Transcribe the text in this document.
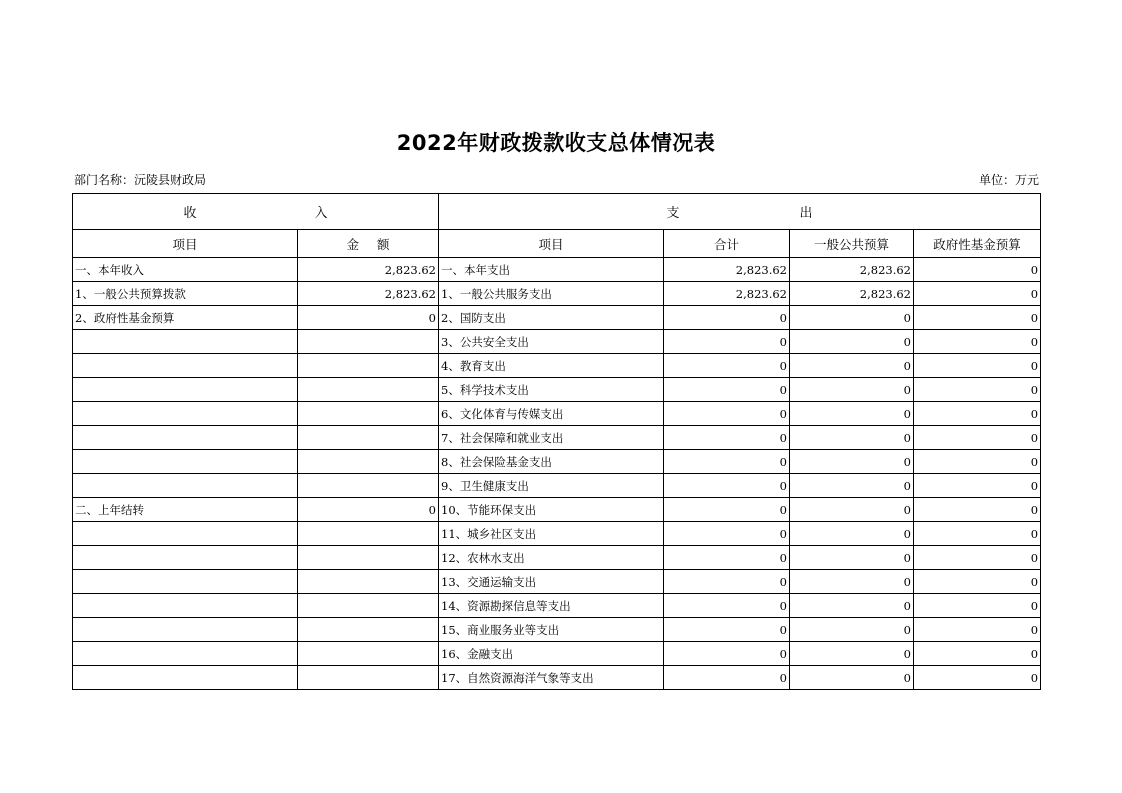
2022年财政拨款收支总体情况表
部门名称：沅陵县财政局	单位：万元
收 入		支 出			
项目	金 额	项目	合计	一般公共预算	政府性基金预算
一、本年收入	2,823.62	一、本年支出	2,823.62	2,823.62	0
1、一般公共预算拨款	2,823.62	1、一般公共服务支出	2,823.62	2,823.62	0
2、政府性基金预算	0	2、国防支出	0	0	0
		3、公共安全支出	0	0	0
		4、教育支出	0	0	0
		5、科学技术支出	0	0	0
		6、文化体育与传媒支出	0	0	0
		7、社会保障和就业支出	0	0	0
		8、社会保险基金支出	0	0	0
		9、卫生健康支出	0	0	0
二、上年结转	0	10、节能环保支出	0	0	0
		11、城乡社区支出	0	0	0
		12、农林水支出	0	0	0
		13、交通运输支出	0	0	0
		14、资源勘探信息等支出	0	0	0
		15、商业服务业等支出	0	0	0
		16、金融支出	0	0	0
		17、自然资源海洋气象等支出	0	0	0
